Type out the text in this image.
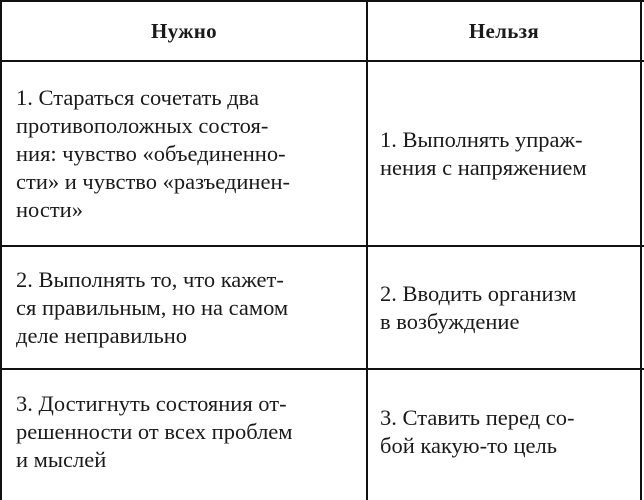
Нужно	Нельзя
1. Стараться сочетать два
противоположных состоя-
ния: чувство «объединенно-
сти» и чувство «разъединен-
ности»
1. Выполнять упраж-
нения с напряжением
2. Выполнять то, что кажет-
ся правильным, но на самом
деле неправильно
2. Вводить организм
в возбуждение
3. Достигнуть состояния от-
решенности от всех проблем
и мыслей
3. Ставить перед со-
бой какую-то цель
